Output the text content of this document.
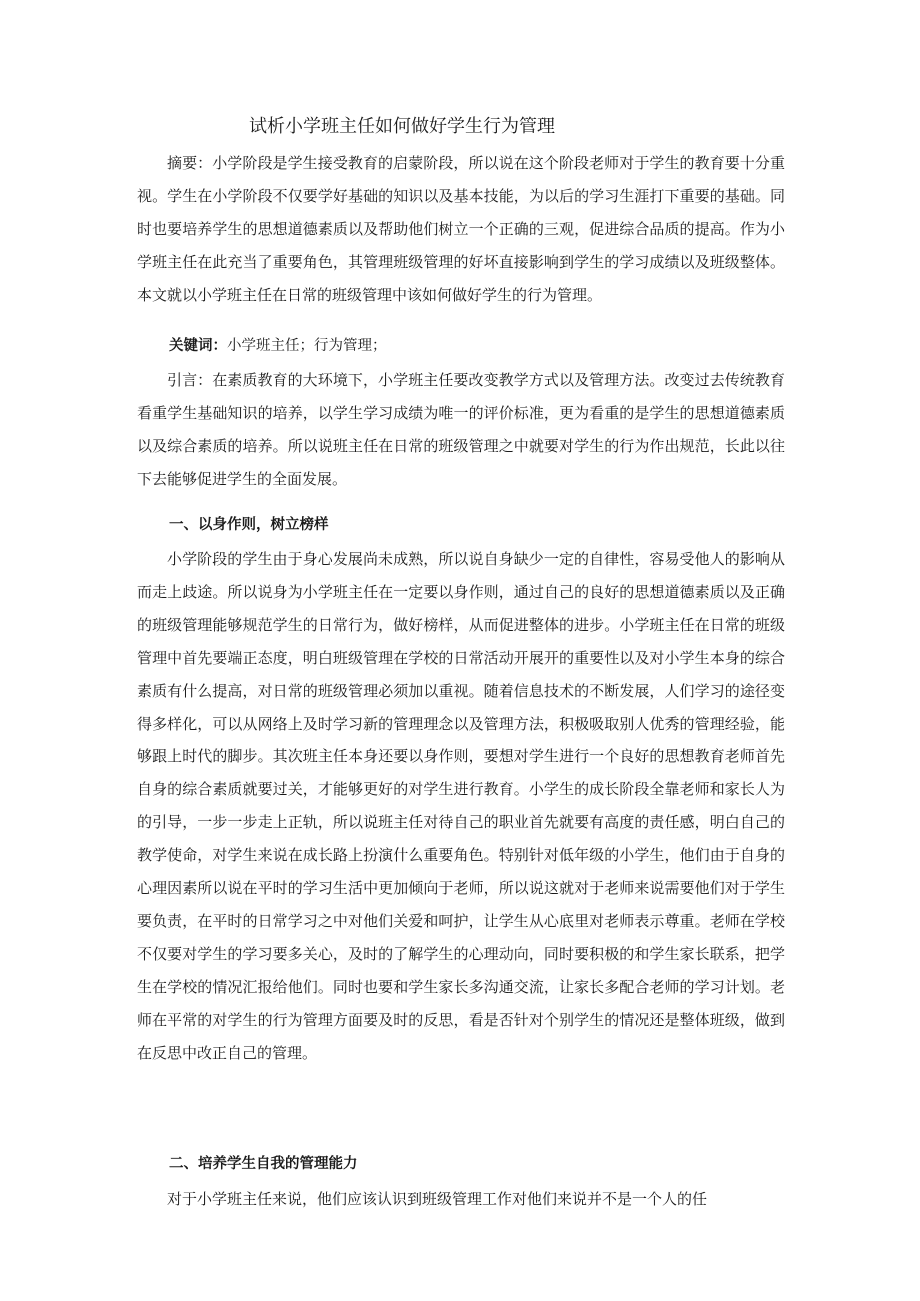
试析小学班主任如何做好学生行为管理

摘要：小学阶段是学生接受教育的启蒙阶段，所以说在这个阶段老师对于学生的教育要十分重视。学生在小学阶段不仅要学好基础的知识以及基本技能，为以后的学习生涯打下重要的基础。同时也要培养学生的思想道德素质以及帮助他们树立一个正确的三观，促进综合品质的提高。作为小学班主任在此充当了重要角色，其管理班级管理的好坏直接影响到学生的学习成绩以及班级整体。本文就以小学班主任在日常的班级管理中该如何做好学生的行为管理。

关键词：小学班主任；行为管理；

引言：在素质教育的大环境下，小学班主任要改变教学方式以及管理方法。改变过去传统教育看重学生基础知识的培养，以学生学习成绩为唯一的评价标准，更为看重的是学生的思想道德素质以及综合素质的培养。所以说班主任在日常的班级管理之中就要对学生的行为作出规范，长此以往下去能够促进学生的全面发展。

一、以身作则，树立榜样

小学阶段的学生由于身心发展尚未成熟，所以说自身缺少一定的自律性，容易受他人的影响从而走上歧途。所以说身为小学班主任在一定要以身作则，通过自己的良好的思想道德素质以及正确的班级管理能够规范学生的日常行为，做好榜样，从而促进整体的进步。小学班主任在日常的班级管理中首先要端正态度，明白班级管理在学校的日常活动开展开的重要性以及对小学生本身的综合素质有什么提高，对日常的班级管理必须加以重视。随着信息技术的不断发展，人们学习的途径变得多样化，可以从网络上及时学习新的管理理念以及管理方法，积极吸取别人优秀的管理经验，能够跟上时代的脚步。其次班主任本身还要以身作则，要想对学生进行一个良好的思想教育老师首先自身的综合素质就要过关，才能够更好的对学生进行教育。小学生的成长阶段全靠老师和家长人为的引导，一步一步走上正轨，所以说班主任对待自己的职业首先就要有高度的责任感，明白自己的教学使命，对学生来说在成长路上扮演什么重要角色。特别针对低年级的小学生，他们由于自身的心理因素所以说在平时的学习生活中更加倾向于老师，所以说这就对于老师来说需要他们对于学生要负责，在平时的日常学习之中对他们关爱和呵护，让学生从心底里对老师表示尊重。老师在学校不仅要对学生的学习要多关心，及时的了解学生的心理动向，同时要积极的和学生家长联系，把学生在学校的情况汇报给他们。同时也要和学生家长多沟通交流，让家长多配合老师的学习计划。老师在平常的对学生的行为管理方面要及时的反思，看是否针对个别学生的情况还是整体班级，做到在反思中改正自己的管理。

二、培养学生自我的管理能力

对于小学班主任来说，他们应该认识到班级管理工作对他们来说并不是一个人的任
